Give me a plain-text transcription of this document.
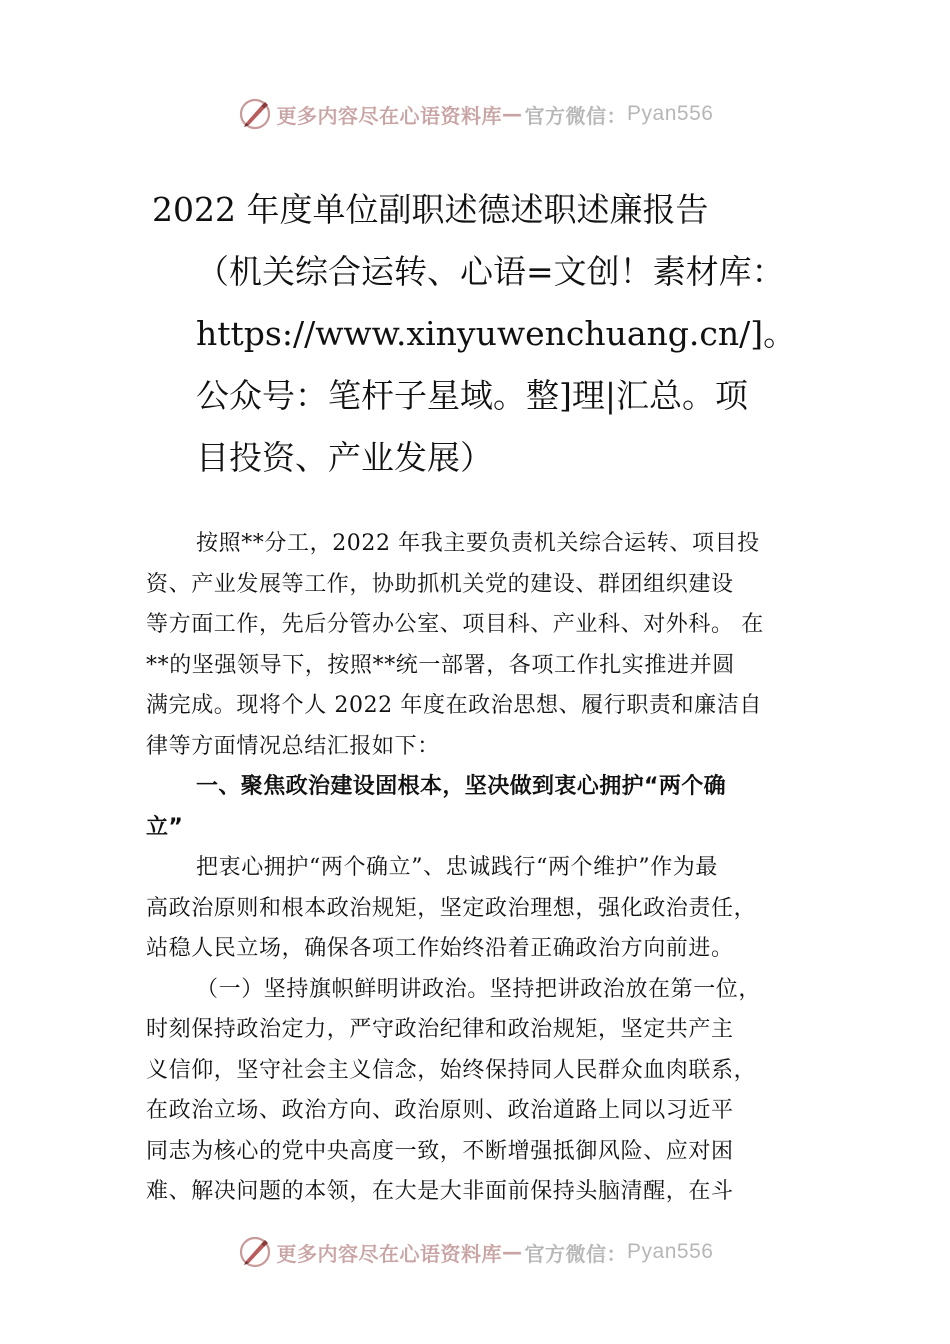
更多内容尽在心语资料库 — 官方微信： Pyan556
2022 年度单位副职述德述职述廉报告
（机关综合运转、心语=文创！素材库：
https://www.xinyuwenchuang.cn/]。
公众号：笔杆子星域。整]理|汇总。项
目投资、产业发展）
按照**分工，2022 年我主要负责机关综合运转、项目投
资、产业发展等工作，协助抓机关党的建设、群团组织建设
等方面工作，先后分管办公室、项目科、产业科、对外科。 在
**的坚强领导下，按照**统一部署，各项工作扎实推进并圆
满完成。现将个人 2022 年度在政治思想、履行职责和廉洁自
律等方面情况总结汇报如下：
一、聚焦政治建设固根本，坚决做到衷心拥护“两个确
立”
把衷心拥护“两个确立”、忠诚践行“两个维护”作为最
高政治原则和根本政治规矩，坚定政治理想，强化政治责任，
站稳人民立场，确保各项工作始终沿着正确政治方向前进。
（一）坚持旗帜鲜明讲政治。坚持把讲政治放在第一位，
时刻保持政治定力，严守政治纪律和政治规矩，坚定共产主
义信仰，坚守社会主义信念，始终保持同人民群众血肉联系，
在政治立场、政治方向、政治原则、政治道路上同以习近平
同志为核心的党中央高度一致，不断增强抵御风险、应对困
难、解决问题的本领，在大是大非面前保持头脑清醒，在斗
更多内容尽在心语资料库 — 官方微信： Pyan556
